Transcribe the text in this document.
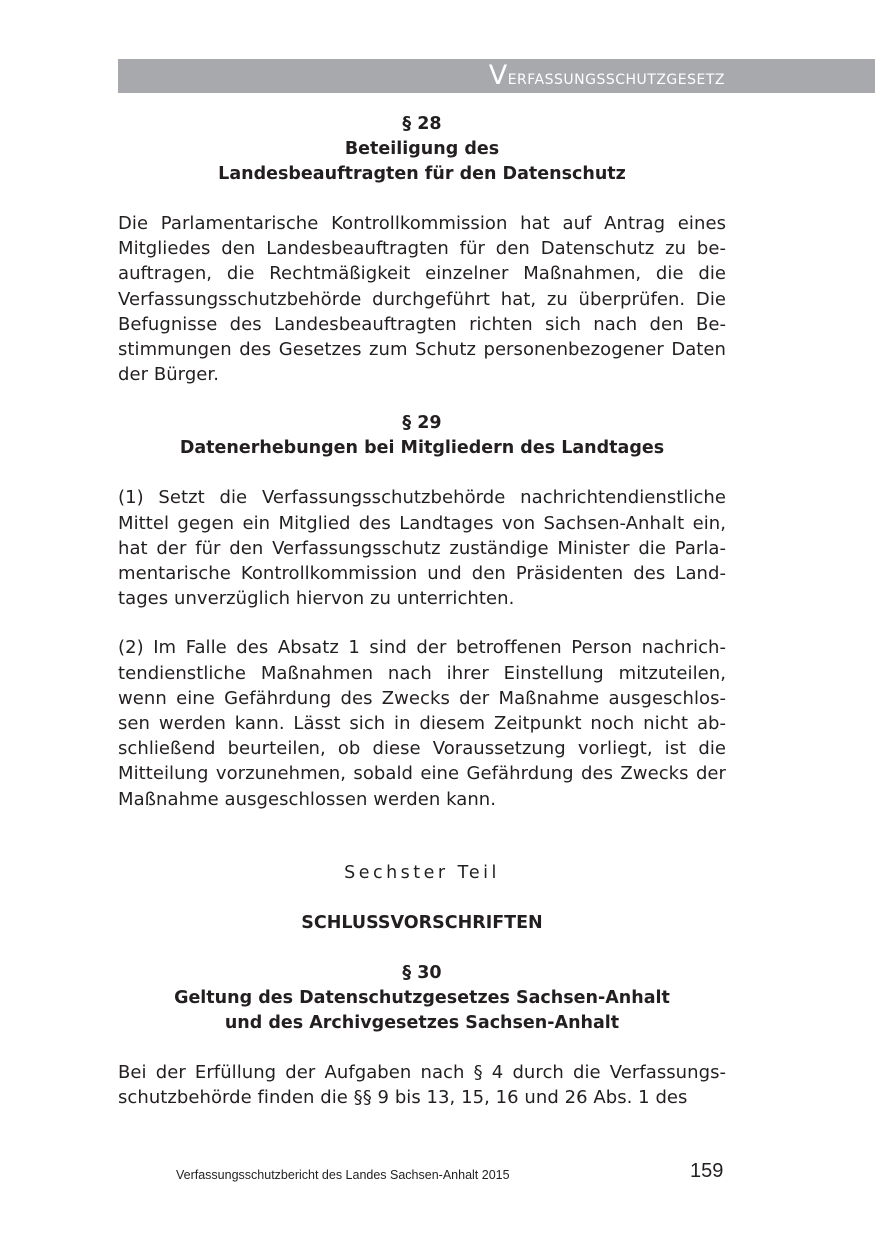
Verfassungsschutzgesetz

§ 28

Beteiligung des

Landesbeauftragten für den Datenschutz

Die Parlamentarische Kontrollkommission hat auf Antrag eines Mitgliedes den Landesbeauftragten für den Datenschutz zu beauftragen, die Rechtmäßigkeit einzelner Maßnahmen, die die Verfassungsschutzbehörde durchgeführt hat, zu überprüfen. Die Befugnisse des Landesbeauftragten richten sich nach den Bestimmungen des Gesetzes zum Schutz personenbezogener Daten der Bürger.

§ 29

Datenerhebungen bei Mitgliedern des Landtages

(1) Setzt die Verfassungsschutzbehörde nachrichtendienstliche Mittel gegen ein Mitglied des Landtages von Sachsen-Anhalt ein, hat der für den Verfassungsschutz zuständige Minister die Parlamentarische Kontrollkommission und den Präsidenten des Landtages unverzüglich hiervon zu unterrichten.

(2) Im Falle des Absatz 1 sind der betroffenen Person nachrichtendienstliche Maßnahmen nach ihrer Einstellung mitzuteilen, wenn eine Gefährdung des Zwecks der Maßnahme ausgeschlossen werden kann. Lässt sich in diesem Zeitpunkt noch nicht abschließend beurteilen, ob diese Voraussetzung vorliegt, ist die Mitteilung vorzunehmen, sobald eine Gefährdung des Zwecks der Maßnahme ausgeschlossen werden kann.

Sechster Teil

SCHLUSSVORSCHRIFTEN

§ 30

Geltung des Datenschutzgesetzes Sachsen-Anhalt

und des Archivgesetzes Sachsen-Anhalt

Bei der Erfüllung der Aufgaben nach § 4 durch die Verfassungsschutzbehörde finden die §§ 9 bis 13, 15, 16 und 26 Abs. 1 des

Verfassungsschutzbericht des Landes Sachsen-Anhalt 2015	159
